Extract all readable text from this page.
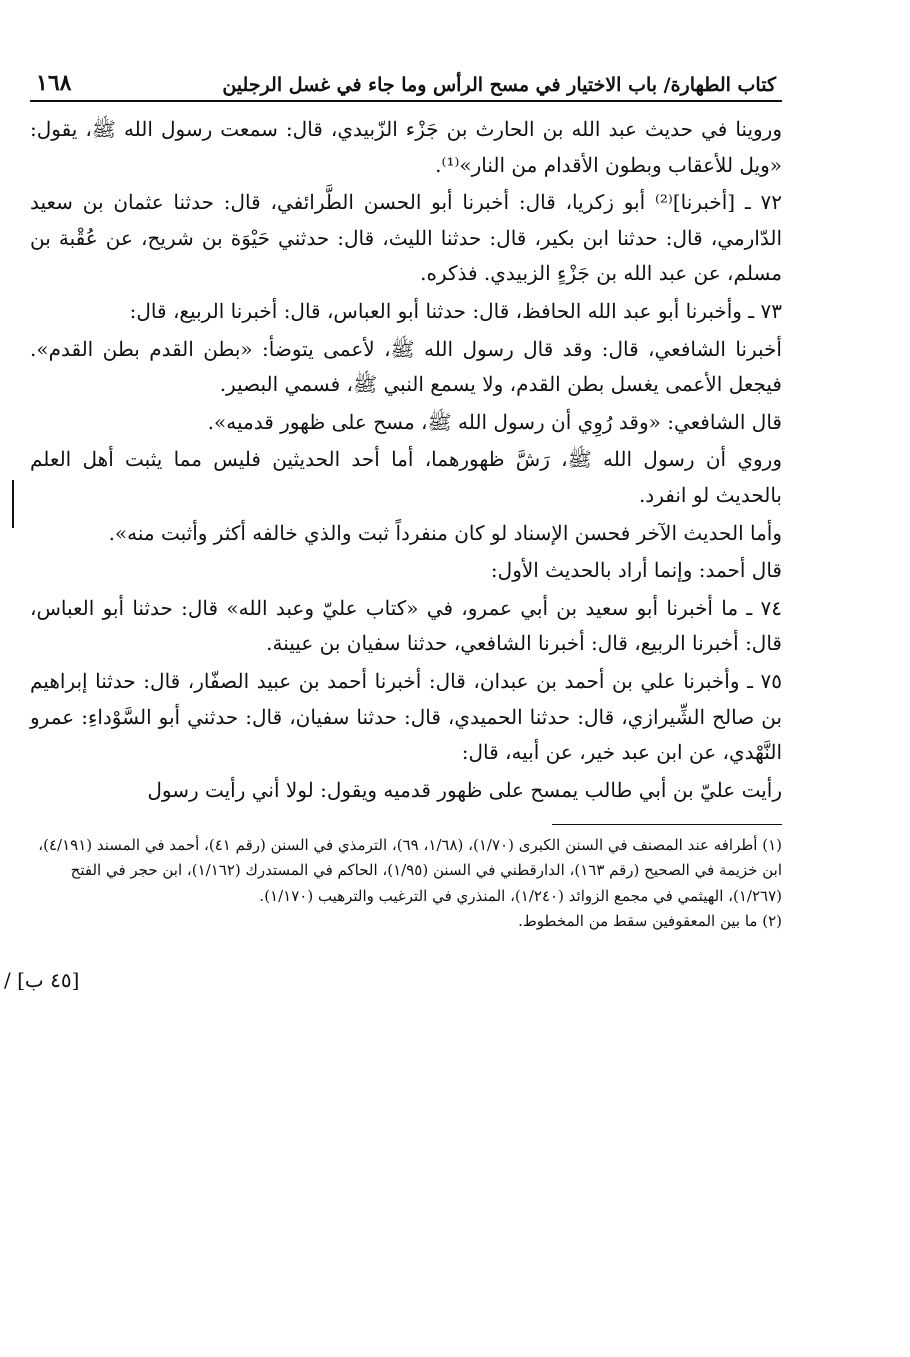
كتاب الطهارة/ باب الاختيار في مسح الرأس وما جاء في غسل الرجلين
١٦٨

وروينا في حديث عبد الله بن الحارث بن جَزْء الزّبيدي، قال: سمعت رسول الله ﷺ، يقول: «ويل للأعقاب وبطون الأقدام من النار»⁽¹⁾.

٧٢ ـ [أخبرنا]⁽²⁾ أبو زكريا، قال: أخبرنا أبو الحسن الطَّرائفي، قال: حدثنا عثمان بن سعيد الدّارمي، قال: حدثنا ابن بكير، قال: حدثنا الليث، قال: حدثني حَيْوَة بن شريح، عن عُقْبة بن مسلم، عن عبد الله بن جَزْءٍ الزبيدي. فذكره.

٧٣ ـ وأخبرنا أبو عبد الله الحافظ، قال: حدثنا أبو العباس، قال: أخبرنا الربيع، قال:

أخبرنا الشافعي، قال: وقد قال رسول الله ﷺ، لأعمى يتوضأ: «بطن القدم بطن القدم». فيجعل الأعمى يغسل بطن القدم، ولا يسمع النبي ﷺ، فسمي البصير.

قال الشافعي: «وقد رُوِي أن رسول الله ﷺ، مسح على ظهور قدميه».

وروي أن رسول الله ﷺ، رَشَّ ظهورهما، أما أحد الحديثين فليس مما يثبت أهل العلم بالحديث لو انفرد.

وأما الحديث الآخر فحسن الإسناد لو كان منفرداً ثبت والذي خالفه أكثر وأثبت منه».

قال أحمد: وإنما أراد بالحديث الأول:

٧٤ ـ ما أخبرنا أبو سعيد بن أبي عمرو، في «كتاب عليّ وعبد الله» قال: حدثنا أبو العباس، قال: أخبرنا الربيع، قال: أخبرنا الشافعي، حدثنا سفيان بن عيينة.

٧٥ ـ وأخبرنا علي بن أحمد بن عبدان، قال: أخبرنا أحمد بن عبيد الصفّار، قال: حدثنا إبراهيم بن صالح الشِّيرازي، قال: حدثنا الحميدي، قال: حدثنا سفيان، قال: حدثني أبو السَّوْداءِ: عمرو النَّهْدي، عن ابن عبد خير، عن أبيه، قال:

رأيت عليّ بن أبي طالب يمسح على ظهور قدميه ويقول: لولا أني رأيت رسول

(١) أطرافه عند المصنف في السنن الكبرى (١/٧٠)، (١/٦٨، ٦٩)، الترمذي في السنن (رقم ٤١)، أحمد في المسند (٤/١٩١)، ابن خزيمة في الصحيح (رقم ١٦٣)، الدارقطني في السنن (١/٩٥)، الحاكم في المستدرك (١/١٦٢)، ابن حجر في الفتح (١/٢٦٧)، الهيثمي في مجمع الزوائد (١/٢٤٠)، المنذري في الترغيب والترهيب (١/١٧٠).

(٢) ما بين المعقوفين سقط من المخطوط.

[٤٥ ب] /
